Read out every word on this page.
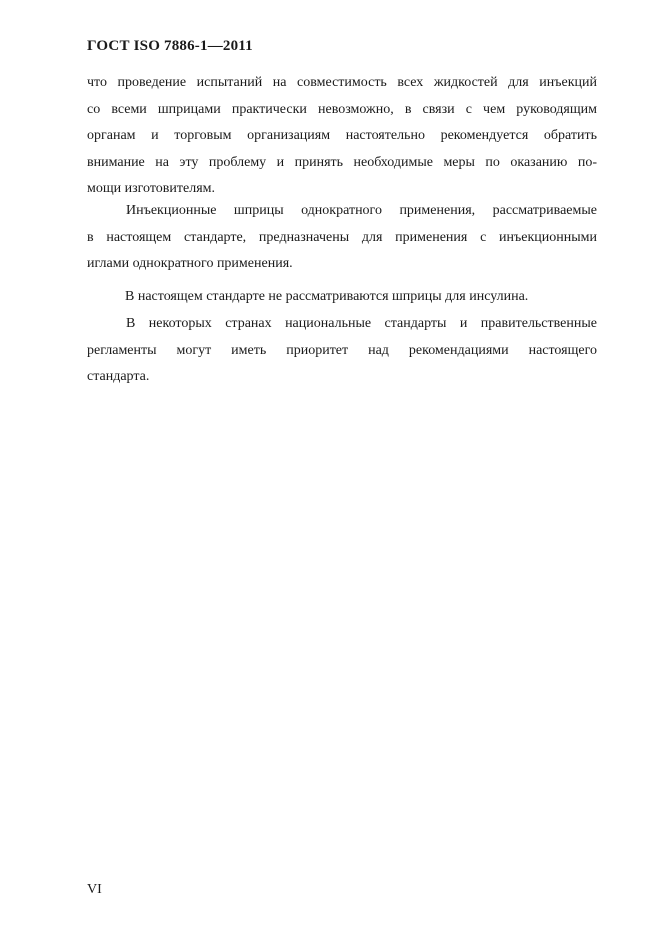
ГОСТ ISO 7886-1—2011
что проведение испытаний на совместимость всех жидкостей для инъекций
со всеми шприцами практически невозможно, в связи с чем руководящим
органам и торговым организациям настоятельно рекомендуется обратить
внимание на эту проблему и принять необходимые меры по оказанию по-
мощи изготовителям.
Инъекционные шприцы однократного применения, рассматриваемые
в настоящем стандарте, предназначены для применения с инъекционными
иглами однократного применения.
В настоящем стандарте не рассматриваются шприцы для инсулина.
В некоторых странах национальные стандарты и правительственные
регламенты могут иметь приоритет над рекомендациями настоящего
стандарта.
VI
